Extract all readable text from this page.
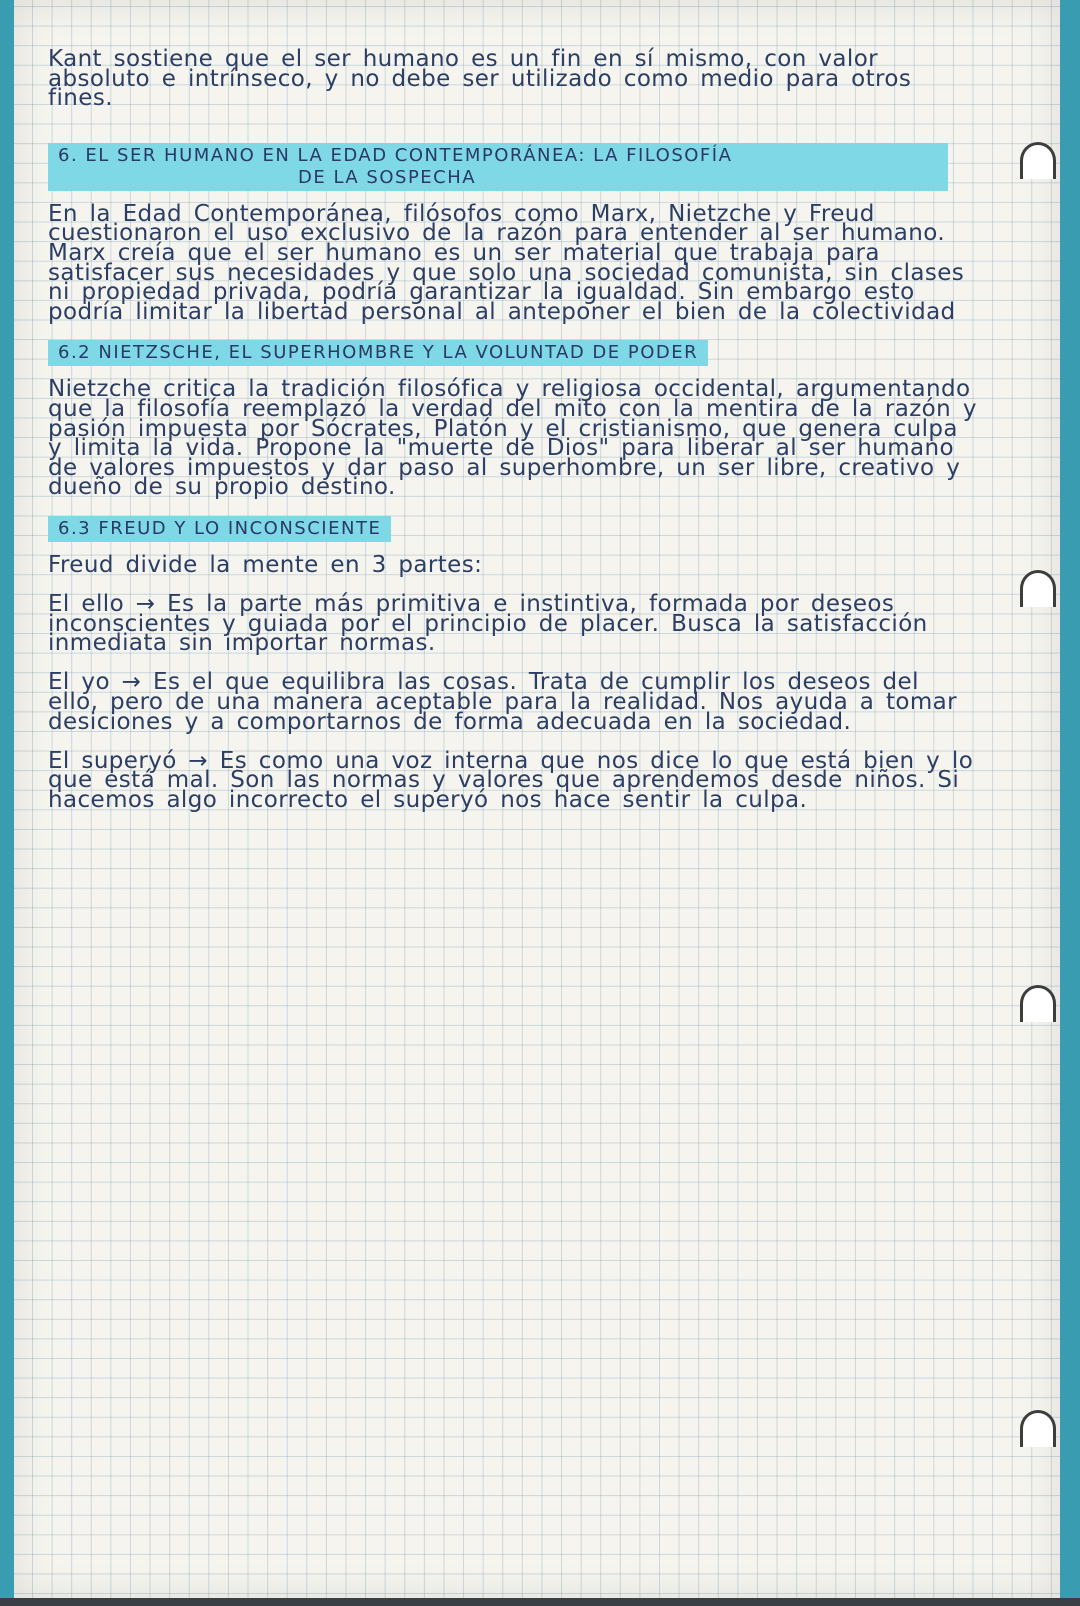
Kant sostiene que el ser humano es un fin en sí mismo, con valor absoluto e intrínseco, y no debe ser utilizado como medio para otros fines.

6. EL SER HUMANO EN LA EDAD CONTEMPORÁNEA: LA FILOSOFÍA
DE LA SOSPECHA

En la Edad Contemporánea, filósofos como Marx, Nietzche y Freud cuestionaron el uso exclusivo de la razón para entender al ser humano. Marx creía que el ser humano es un ser material que trabaja para satisfacer sus necesidades y que solo una sociedad comunista, sin clases ni propiedad privada, podría garantizar la igualdad. Sin embargo esto podría limitar la libertad personal al anteponer el bien de la colectividad

6.2 NIETZSCHE, EL SUPERHOMBRE Y LA VOLUNTAD DE PODER

Nietzche critica la tradición filosófica y religiosa occidental, argumentando que la filosofía reemplazó la verdad del mito con la mentira de la razón y pasión impuesta por Sócrates, Platón y el cristianismo, que genera culpa y limita la vida. Propone la "muerte de Dios" para liberar al ser humano de valores impuestos y dar paso al superhombre, un ser libre, creativo y dueño de su propio destino.

6.3 FREUD Y LO INCONSCIENTE

Freud divide la mente en 3 partes:

El ello → Es la parte más primitiva e instintiva, formada por deseos inconscientes y guiada por el principio de placer. Busca la satisfacción inmediata sin importar normas.

El yo → Es el que equilibra las cosas. Trata de cumplir los deseos del ello, pero de una manera aceptable para la realidad. Nos ayuda a tomar desiciones y a comportarnos de forma adecuada en la sociedad.

El superyó → Es como una voz interna que nos dice lo que está bien y lo que está mal. Son las normas y valores que aprendemos desde niños. Si hacemos algo incorrecto el superyó nos hace sentir la culpa.
